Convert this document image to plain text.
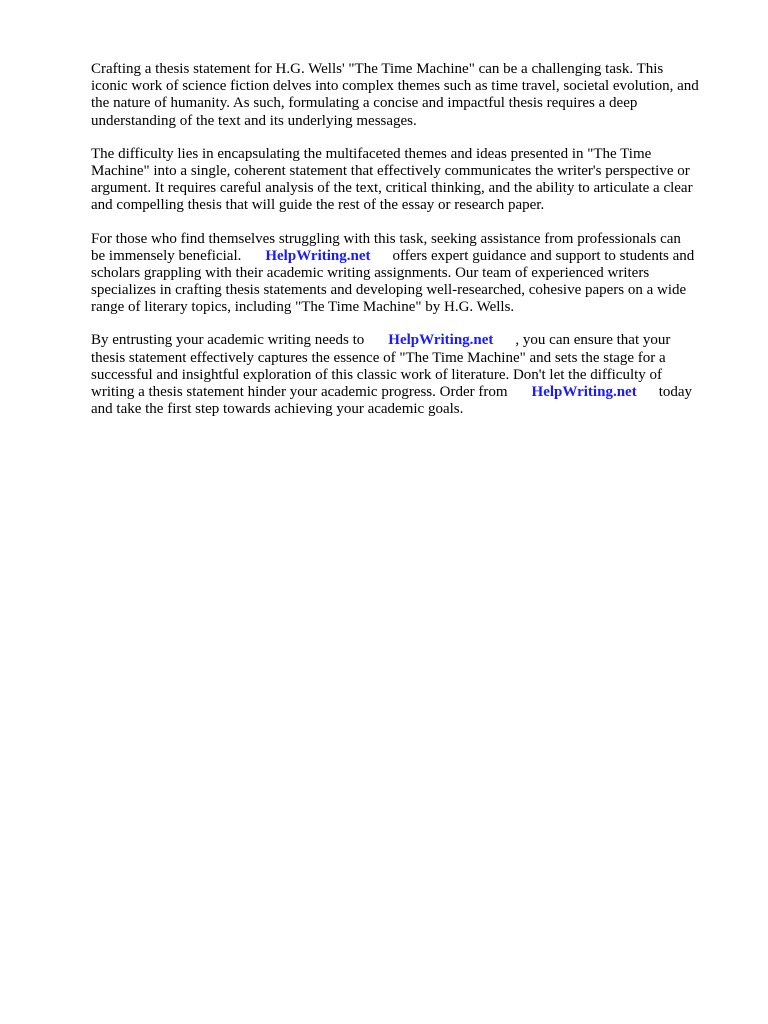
Crafting a thesis statement for H.G. Wells' "The Time Machine" can be a challenging task. This
iconic work of science fiction delves into complex themes such as time travel, societal evolution, and
the nature of humanity. As such, formulating a concise and impactful thesis requires a deep
understanding of the text and its underlying messages.

The difficulty lies in encapsulating the multifaceted themes and ideas presented in "The Time
Machine" into a single, coherent statement that effectively communicates the writer's perspective or
argument. It requires careful analysis of the text, critical thinking, and the ability to articulate a clear
and compelling thesis that will guide the rest of the essay or research paper.

For those who find themselves struggling with this task, seeking assistance from professionals can
be immensely beneficial. HelpWriting.net offers expert guidance and support to students and
scholars grappling with their academic writing assignments. Our team of experienced writers
specializes in crafting thesis statements and developing well-researched, cohesive papers on a wide
range of literary topics, including "The Time Machine" by H.G. Wells.

By entrusting your academic writing needs to HelpWriting.net , you can ensure that your
thesis statement effectively captures the essence of "The Time Machine" and sets the stage for a
successful and insightful exploration of this classic work of literature. Don't let the difficulty of
writing a thesis statement hinder your academic progress. Order from HelpWriting.net today
and take the first step towards achieving your academic goals.
